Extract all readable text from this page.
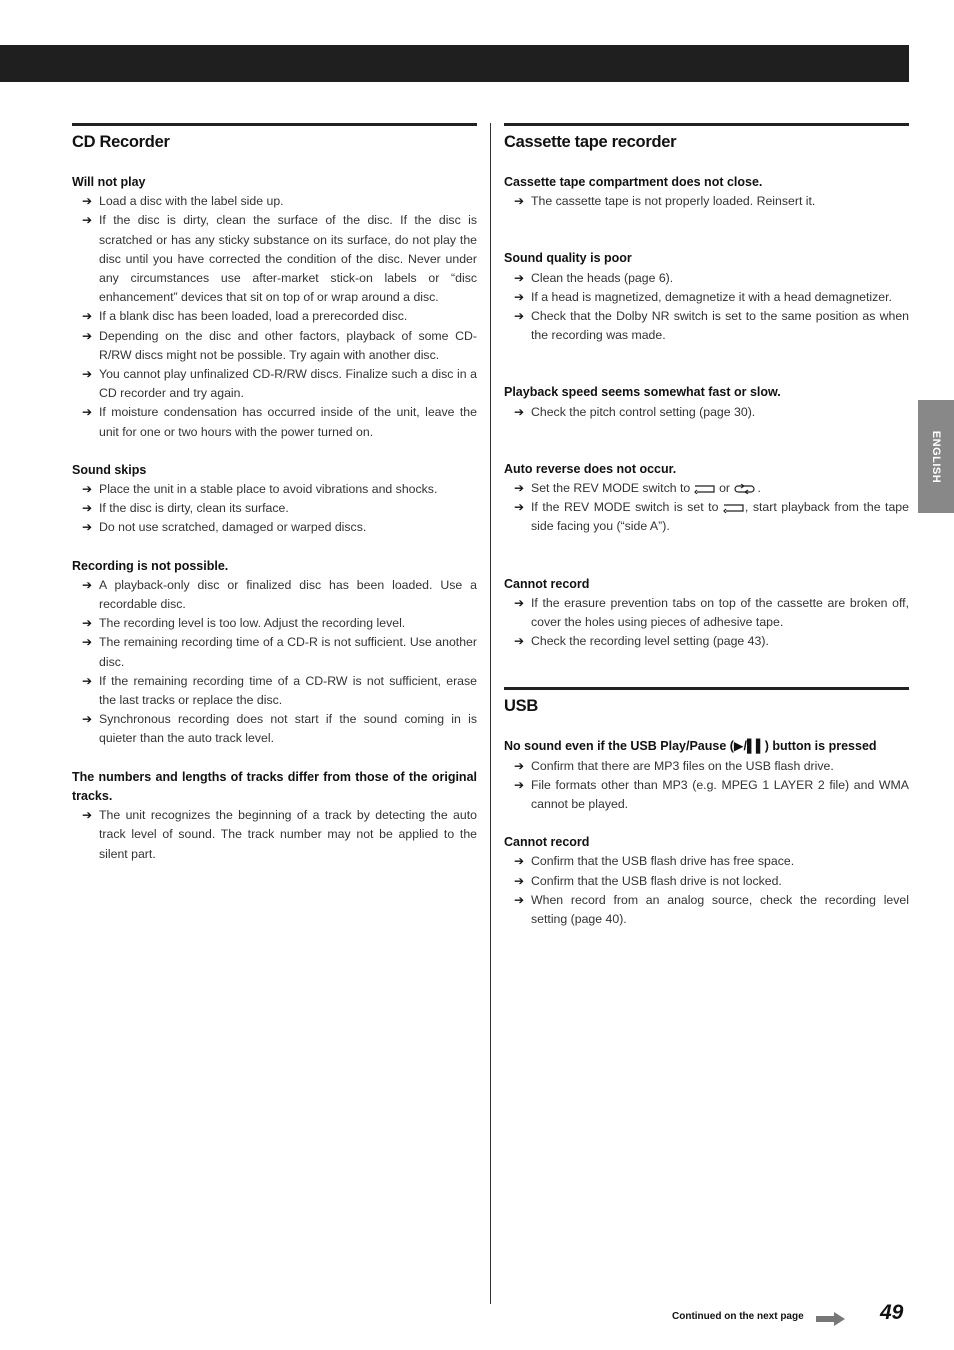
ENGLISH
CD Recorder
Will not play
➔ Load a disc with the label side up.
➔ If the disc is dirty, clean the surface of the disc. If the disc is scratched or has any sticky substance on its surface, do not play the disc until you have corrected the condition of the disc. Never under any circumstances use after-market stick-on labels or “disc enhancement” devices that sit on top of or wrap around a disc.
➔ If a blank disc has been loaded, load a prerecorded disc.
➔ Depending on the disc and other factors, playback of some CD-R/RW discs might not be possible. Try again with another disc.
➔ You cannot play unfinalized CD-R/RW discs. Finalize such a disc in a CD recorder and try again.
➔ If moisture condensation has occurred inside of the unit, leave the unit for one or two hours with the power turned on.
Sound skips
➔ Place the unit in a stable place to avoid vibrations and shocks.
➔ If the disc is dirty, clean its surface.
➔ Do not use scratched, damaged or warped discs.
Recording is not possible.
➔ A playback-only disc or finalized disc has been loaded. Use a recordable disc.
➔ The recording level is too low. Adjust the recording level.
➔ The remaining recording time of a CD-R is not sufficient. Use another disc.
➔ If the remaining recording time of a CD-RW is not sufficient, erase the last tracks or replace the disc.
➔ Synchronous recording does not start if the sound coming in is quieter than the auto track level.
The numbers and lengths of tracks differ from those of the original tracks.
➔ The unit recognizes the beginning of a track by detecting the auto track level of sound. The track number may not be applied to the silent part.
Cassette tape recorder
Cassette tape compartment does not close.
➔ The cassette tape is not properly loaded. Reinsert it.
Sound quality is poor
➔ Clean the heads (page 6).
➔ If a head is magnetized, demagnetize it with a head demagnetizer.
➔ Check that the Dolby NR switch is set to the same position as when the recording was made.
Playback speed seems somewhat fast or slow.
➔ Check the pitch control setting (page 30).
Auto reverse does not occur.
➔ Set the REV MODE switch to or .
➔ If the REV MODE switch is set to , start playback from the tape side facing you (“side A”).
Cannot record
➔ If the erasure prevention tabs on top of the cassette are broken off, cover the holes using pieces of adhesive tape.
➔ Check the recording level setting (page 43).
USB
No sound even if the USB Play/Pause (▶/▌▌) button is pressed
➔ Confirm that there are MP3 files on the USB flash drive.
➔ File formats other than MP3 (e.g. MPEG 1 LAYER 2 file) and WMA cannot be played.
Cannot record
➔ Confirm that the USB flash drive has free space.
➔ Confirm that the USB flash drive is not locked.
➔ When record from an analog source, check the recording level setting (page 40).
Continued on the next page	49
